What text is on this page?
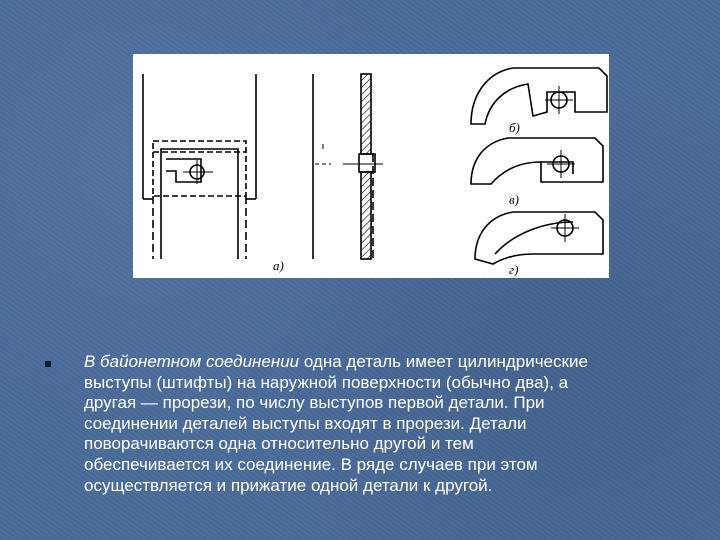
а)
б)
в)
г)
В байонетном соединении одна деталь имеет цилиндрические
выступы (штифты) на наружной поверхности (обычно два), а
другая — прорези, по числу выступов первой детали. При
соединении деталей выступы входят в прорези. Детали
поворачиваются одна относительно другой и тем
обеспечивается их соединение. В ряде случаев при этом
осуществляется и прижатие одной детали к другой.
